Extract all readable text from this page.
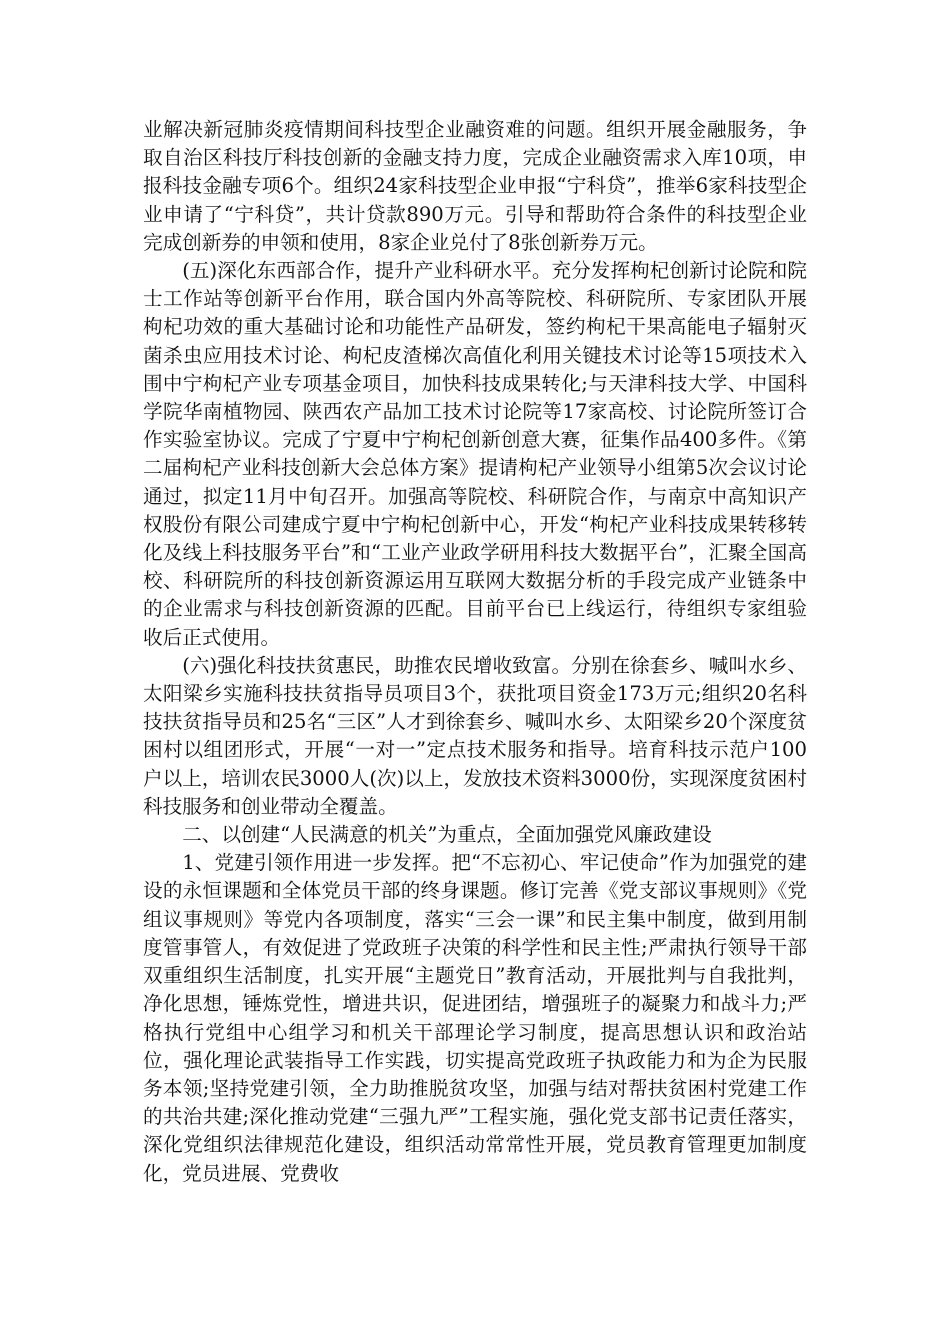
业解决新冠肺炎疫情期间科技型企业融资难的问题。组织开展金融服务，争取自治区科技厅科技创新的金融支持力度，完成企业融资需求入库10项，申报科技金融专项6个。组织24家科技型企业申报“宁科贷”，推举6家科技型企业申请了“宁科贷”，共计贷款890万元。引导和帮助符合条件的科技型企业完成创新券的申领和使用，8家企业兑付了8张创新券万元。

(五)深化东西部合作，提升产业科研水平。充分发挥枸杞创新讨论院和院士工作站等创新平台作用，联合国内外高等院校、科研院所、专家团队开展枸杞功效的重大基础讨论和功能性产品研发，签约枸杞干果高能电子辐射灭菌杀虫应用技术讨论、枸杞皮渣梯次高值化利用关键技术讨论等15项技术入围中宁枸杞产业专项基金项目，加快科技成果转化;与天津科技大学、中国科学院华南植物园、陕西农产品加工技术讨论院等17家高校、讨论院所签订合作实验室协议。完成了宁夏中宁枸杞创新创意大赛，征集作品400多件。《第二届枸杞产业科技创新大会总体方案》提请枸杞产业领导小组第5次会议讨论通过，拟定11月中旬召开。加强高等院校、科研院合作，与南京中高知识产权股份有限公司建成宁夏中宁枸杞创新中心，开发“枸杞产业科技成果转移转化及线上科技服务平台”和“工业产业政学研用科技大数据平台”，汇聚全国高校、科研院所的科技创新资源运用互联网大数据分析的手段完成产业链条中的企业需求与科技创新资源的匹配。目前平台已上线运行，待组织专家组验收后正式使用。

(六)强化科技扶贫惠民，助推农民增收致富。分别在徐套乡、喊叫水乡、太阳梁乡实施科技扶贫指导员项目3个，获批项目资金173万元;组织20名科技扶贫指导员和25名“三区”人才到徐套乡、喊叫水乡、太阳梁乡20个深度贫困村以组团形式，开展“一对一”定点技术服务和指导。培育科技示范户100户以上，培训农民3000人(次)以上，发放技术资料3000份，实现深度贫困村科技服务和创业带动全覆盖。

二、以创建“人民满意的机关”为重点，全面加强党风廉政建设

1、党建引领作用进一步发挥。把“不忘初心、牢记使命”作为加强党的建设的永恒课题和全体党员干部的终身课题。修订完善《党支部议事规则》《党组议事规则》等党内各项制度，落实“三会一课”和民主集中制度，做到用制度管事管人，有效促进了党政班子决策的科学性和民主性;严肃执行领导干部双重组织生活制度，扎实开展“主题党日”教育活动，开展批判与自我批判，净化思想，锤炼党性，增进共识，促进团结，增强班子的凝聚力和战斗力;严格执行党组中心组学习和机关干部理论学习制度，提高思想认识和政治站位，强化理论武装指导工作实践，切实提高党政班子执政能力和为企为民服务本领;坚持党建引领，全力助推脱贫攻坚，加强与结对帮扶贫困村党建工作的共治共建;深化推动党建“三强九严”工程实施，强化党支部书记责任落实，深化党组织法律规范化建设，组织活动常常性开展，党员教育管理更加制度化，党员进展、党费收
